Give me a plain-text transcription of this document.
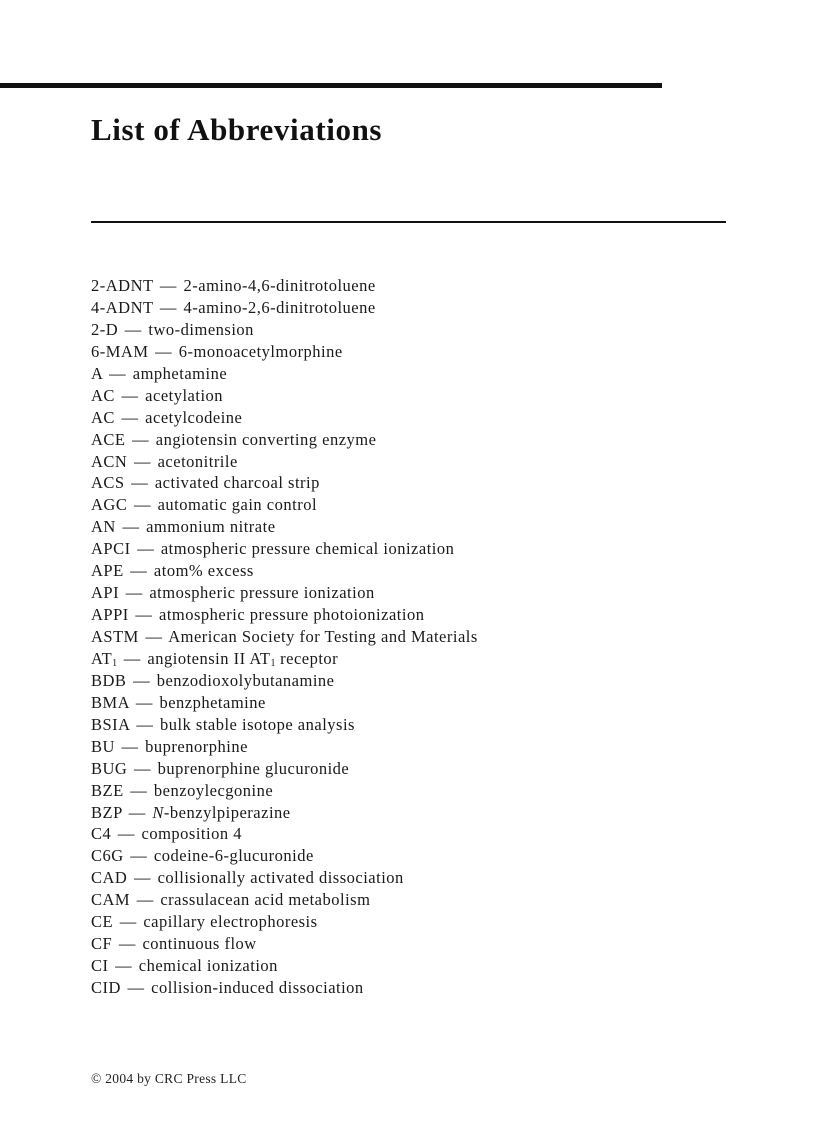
List of Abbreviations
2-ADNT — 2-amino-4,6-dinitrotoluene
4-ADNT — 4-amino-2,6-dinitrotoluene
2-D — two-dimension
6-MAM — 6-monoacetylmorphine
A — amphetamine
AC — acetylation
AC — acetylcodeine
ACE — angiotensin converting enzyme
ACN — acetonitrile
ACS — activated charcoal strip
AGC — automatic gain control
AN — ammonium nitrate
APCI — atmospheric pressure chemical ionization
APE — atom% excess
API — atmospheric pressure ionization
APPI — atmospheric pressure photoionization
ASTM — American Society for Testing and Materials
$AT_1$ — angiotensin II $AT_1$ receptor
BDB — benzodioxolybutanamine
BMA — benzphetamine
BSIA — bulk stable isotope analysis
BU — buprenorphine
BUG — buprenorphine glucuronide
BZE — benzoylecgonine
BZP — N-benzylpiperazine
C4 — composition 4
C6G — codeine-6-glucuronide
CAD — collisionally activated dissociation
CAM — crassulacean acid metabolism
CE — capillary electrophoresis
CF — continuous flow
CI — chemical ionization
CID — collision-induced dissociation
© 2004 by CRC Press LLC
